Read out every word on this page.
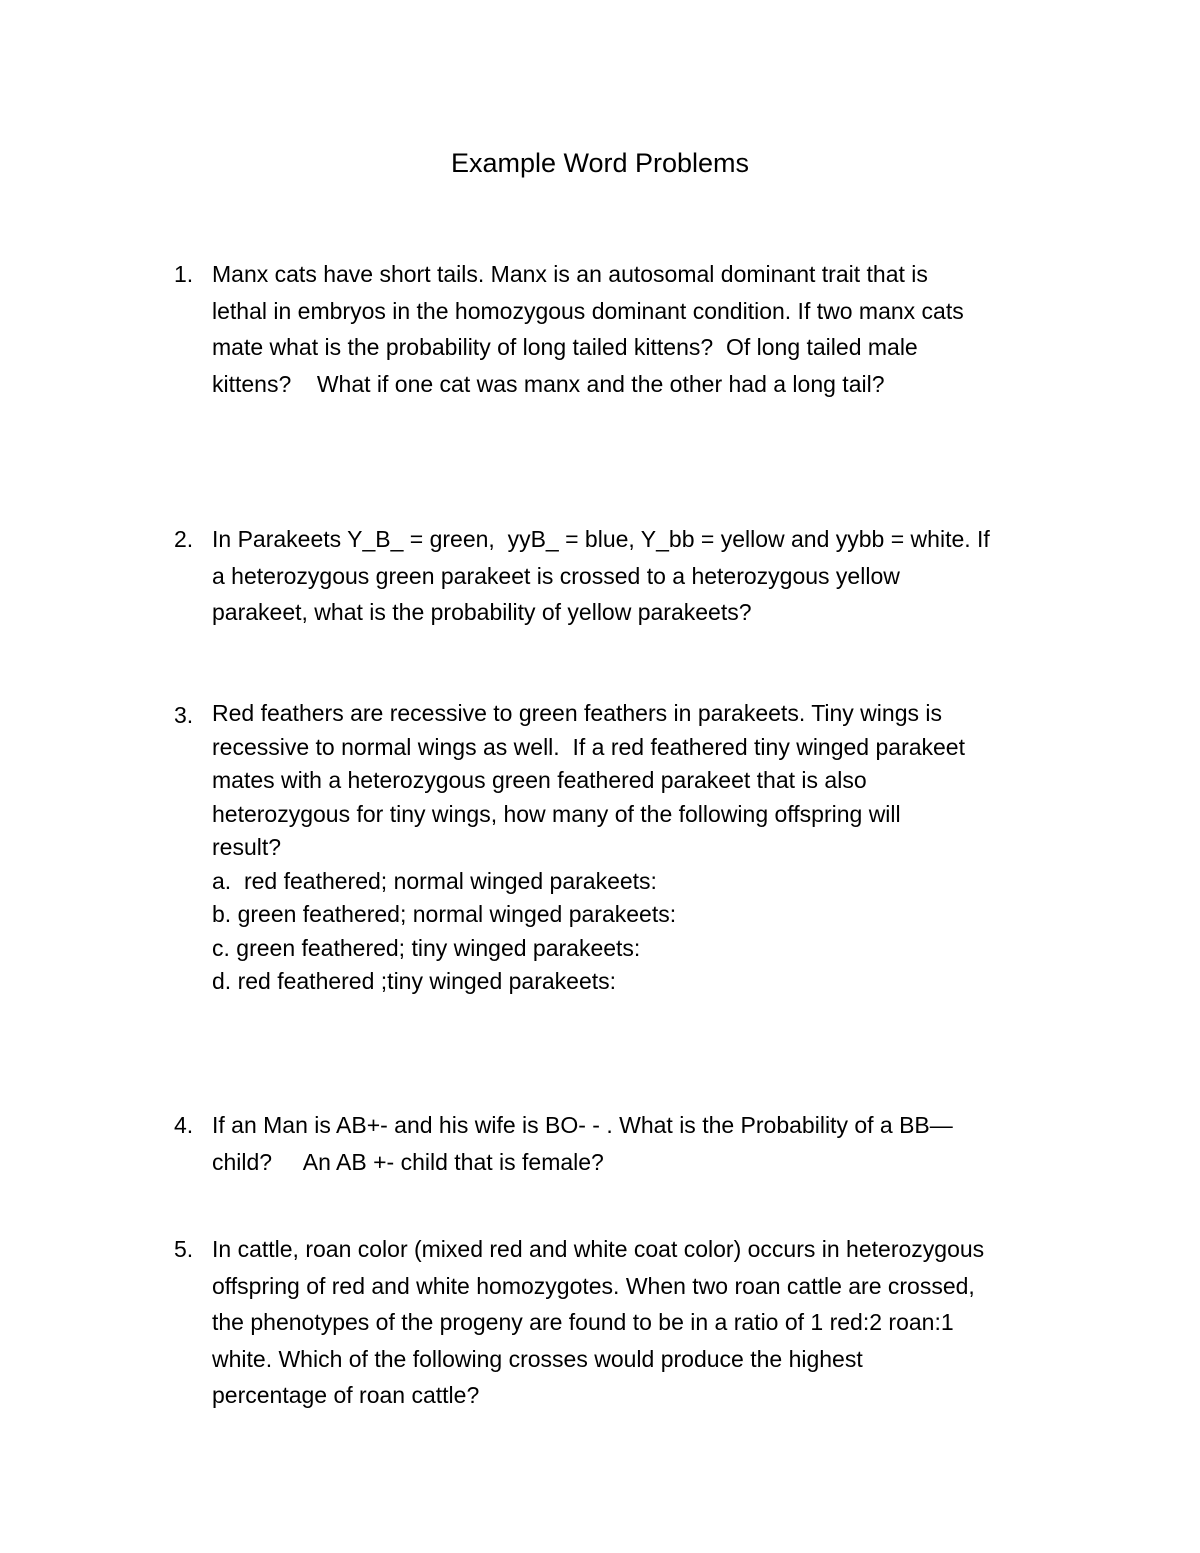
Example Word Problems
1. Manx cats have short tails. Manx is an autosomal dominant trait that is
lethal in embryos in the homozygous dominant condition. If two manx cats
mate what is the probability of long tailed kittens?  Of long tailed male
kittens?    What if one cat was manx and the other had a long tail?
2. In Parakeets Y_B_ = green,  yyB_ = blue, Y_bb = yellow and yybb = white. If
a heterozygous green parakeet is crossed to a heterozygous yellow
parakeet, what is the probability of yellow parakeets?
3. Red feathers are recessive to green feathers in parakeets. Tiny wings is
recessive to normal wings as well.  If a red feathered tiny winged parakeet
mates with a heterozygous green feathered parakeet that is also
heterozygous for tiny wings, how many of the following offspring will
result?
a.  red feathered; normal winged parakeets:
b. green feathered; normal winged parakeets:
c. green feathered; tiny winged parakeets:
d. red feathered ;tiny winged parakeets:
4. If an Man is AB+- and his wife is BO- - . What is the Probability of a BB—
child?     An AB +- child that is female?
5. In cattle, roan color (mixed red and white coat color) occurs in heterozygous
offspring of red and white homozygotes. When two roan cattle are crossed,
the phenotypes of the progeny are found to be in a ratio of 1 red:2 roan:1
white. Which of the following crosses would produce the highest
percentage of roan cattle?
